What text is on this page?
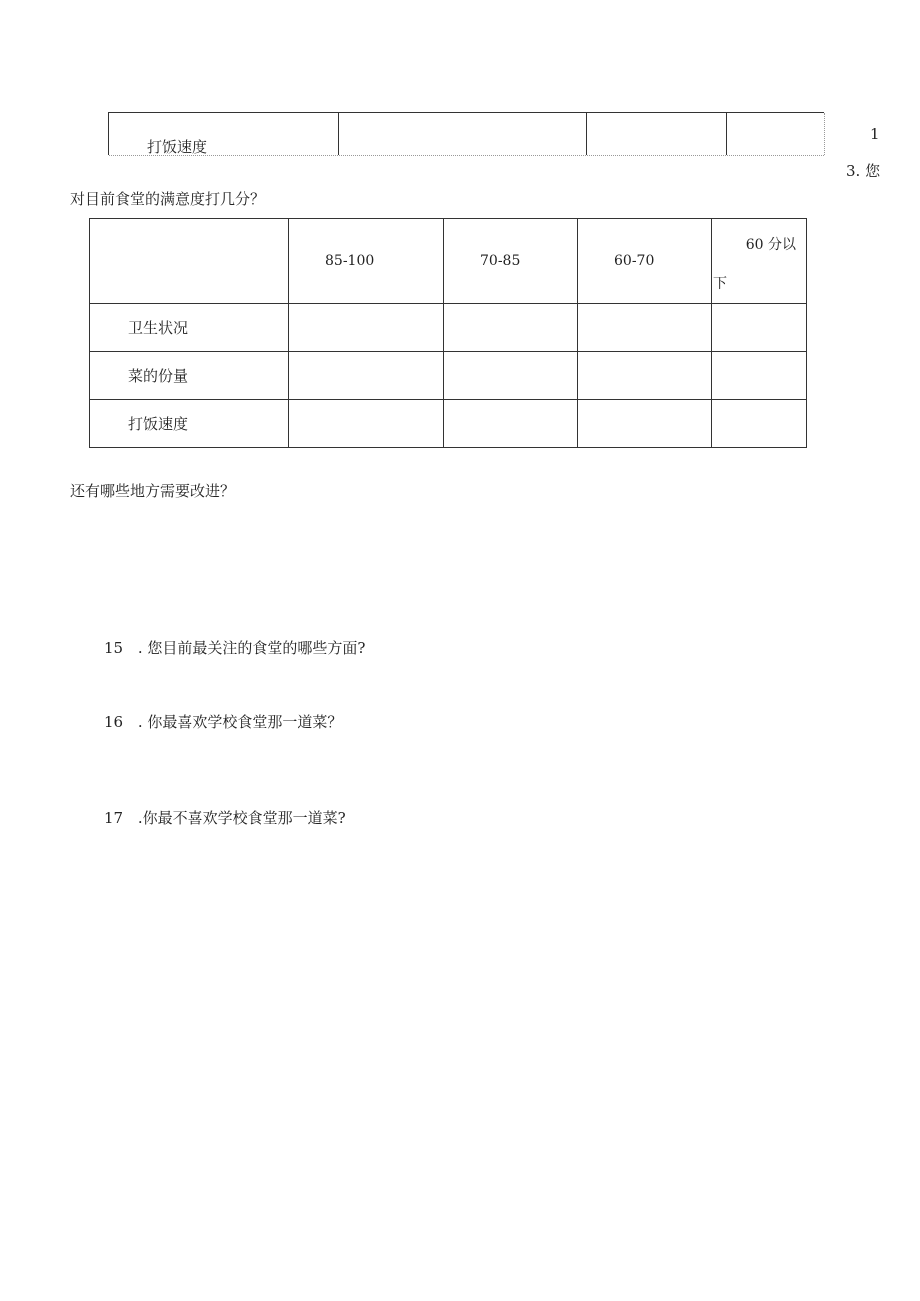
打饭速度
1
3. 您
对目前食堂的满意度打几分？
	85-100	70-85	60-70	60 分以
下

卫生状况				
菜的份量				
打饭速度				
还有哪些地方需要改进？
15 . 您目前最关注的食堂的哪些方面?
16 . 你最喜欢学校食堂那一道菜？
17 .你最不喜欢学校食堂那一道菜?
